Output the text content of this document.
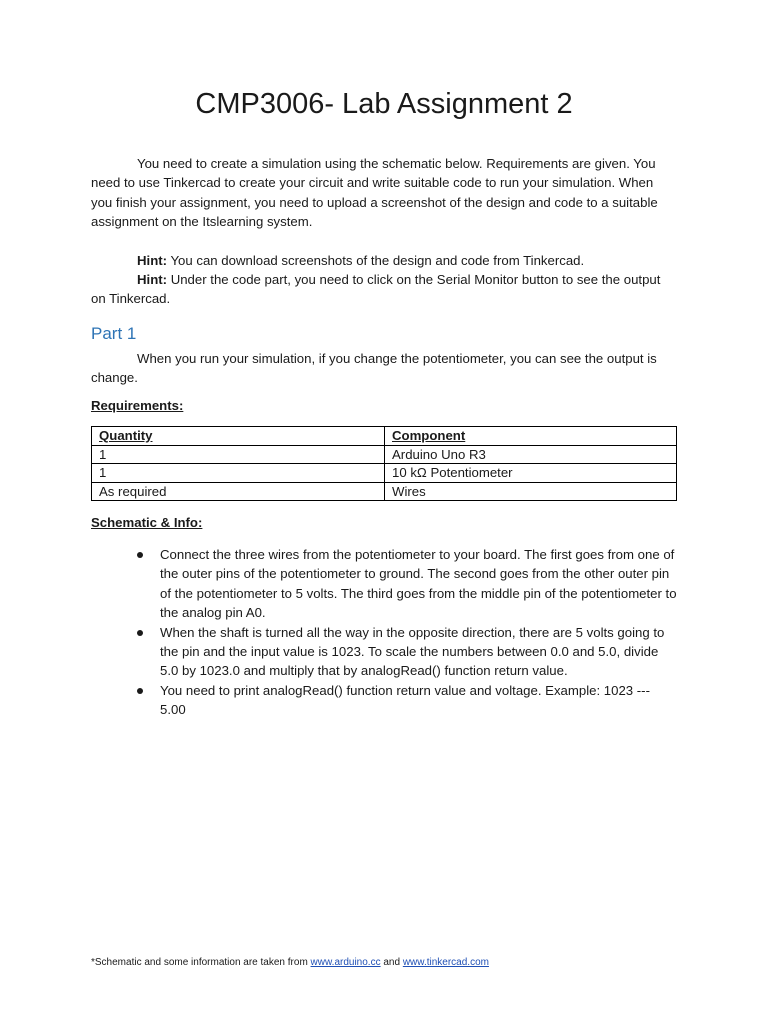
CMP3006- Lab Assignment 2

You need to create a simulation using the schematic below. Requirements are given. You need to use Tinkercad to create your circuit and write suitable code to run your simulation. When you finish your assignment, you need to upload a screenshot of the design and code to a suitable assignment on the Itslearning system.

Hint: You can download screenshots of the design and code from Tinkercad.

Hint: Under the code part, you need to click on the Serial Monitor button to see the output on Tinkercad.

Part 1

When you run your simulation, if you change the potentiometer, you can see the output is change.

Requirements:

Quantity	Component
1	Arduino Uno R3
1	10 kΩ Potentiometer
As required	Wires

Schematic & Info:

Connect the three wires from the potentiometer to your board. The first goes from one of the outer pins of the potentiometer to ground. The second goes from the other outer pin of the potentiometer to 5 volts. The third goes from the middle pin of the potentiometer to the analog pin A0.
When the shaft is turned all the way in the opposite direction, there are 5 volts going to the pin and the input value is 1023. To scale the numbers between 0.0 and 5.0, divide 5.0 by 1023.0 and multiply that by analogRead() function return value.
You need to print analogRead() function return value and voltage. Example: 1023 --- 5.00

*Schematic and some information are taken from www.arduino.cc and www.tinkercad.com
